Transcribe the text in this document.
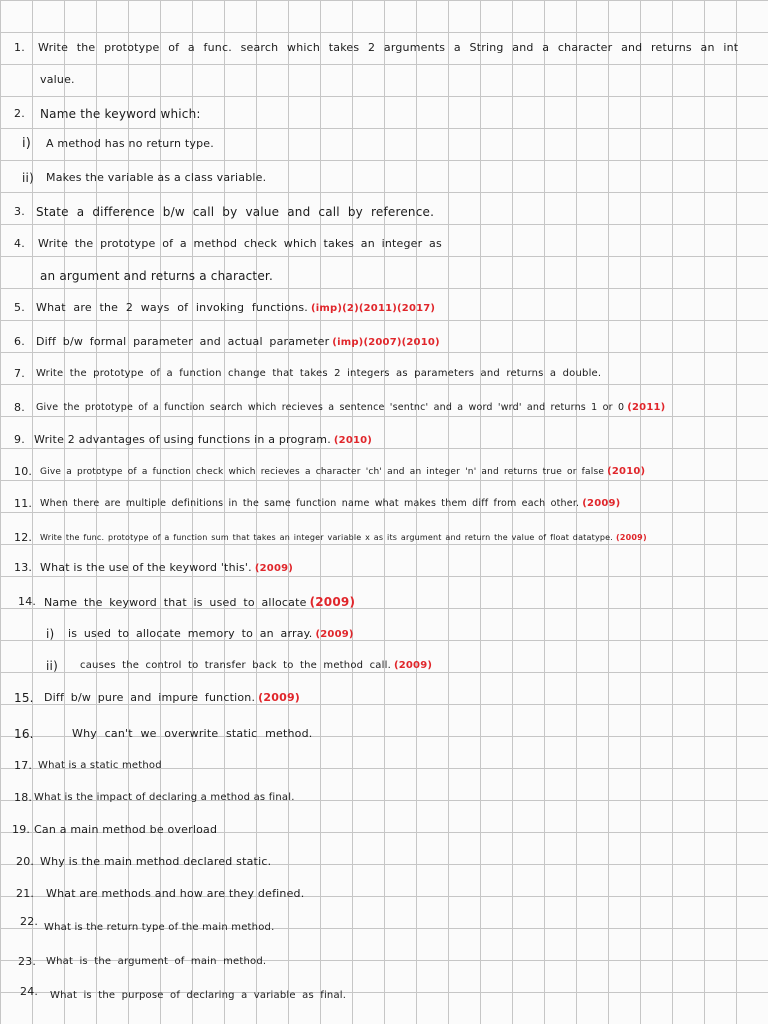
1. Write the prototype of a func. search which takes 2 arguments a String and a character and returns an int
value.
2. Name the keyword which:
i) A method has no return type.
ii) Makes the variable as a class variable.
3. State a difference b/w call by value and call by reference.
4. Write the prototype of a method check which takes an integer as
an argument and returns a character.
5. What are the 2 ways of invoking functions. (imp)(2)(2011)(2017)
6. Diff b/w formal parameter and actual parameter (imp)(2007)(2010)
7. Write the prototype of a function change that takes 2 integers as parameters and returns a double.
8. Give the prototype of a function search which recieves a sentence 'sentnc' and a word 'wrd' and returns 1 or 0 (2011)
9. Write 2 advantages of using functions in a program. (2010)
10. Give a prototype of a function check which recieves a character 'ch' and an integer 'n' and returns true or false (2010)
11. When there are multiple definitions in the same function name what makes them diff from each other. (2009)
12. Write the func. prototype of a function sum that takes an integer variable x as its argument and return the value of float datatype. (2009)
13. What is the use of the keyword 'this'. (2009)
14. Name the keyword that is used to allocate (2009)
i) is used to allocate memory to an array. (2009)
ii) causes the control to transfer back to the method call. (2009)
15. Diff b/w pure and impure function. (2009)
16.	Why can't we overwrite static method.
17. What is a static method
18. What is the impact of declaring a method as final.
19. Can a main method be overload
20. Why is the main method declared static.
21. What are methods and how are they defined.
22. What is the return type of the main method.
23. What is the argument of main method.
24. What is the purpose of declaring a variable as final.
